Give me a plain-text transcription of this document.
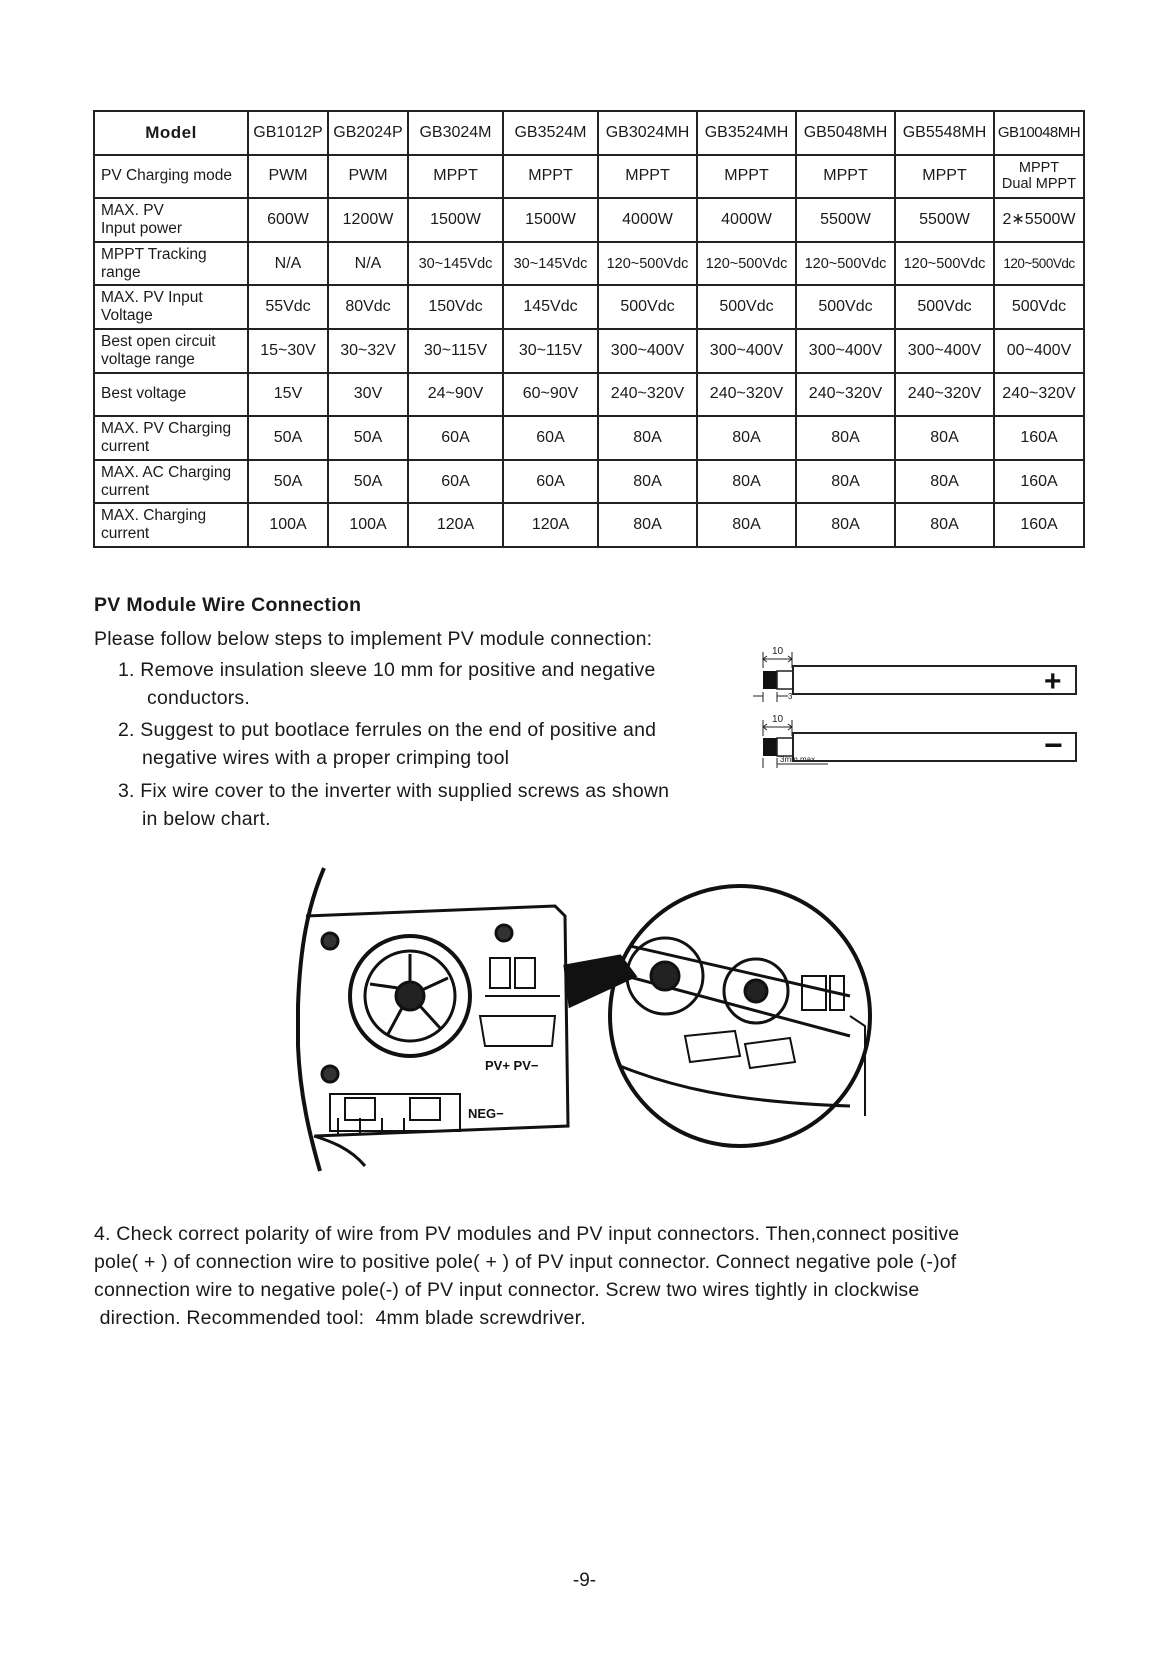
Model	GB1012P	GB2024P	GB3024M	GB3524M	GB3024MH	GB3524MH	GB5048MH	GB5548MH	GB10048MH

PV Charging mode	PWM	PWM	MPPT	MPPT	MPPT	MPPT	MPPT	MPPT	MPPT
Dual MPPT

MAX. PV
Input power	600W	1200W	1500W	1500W	4000W	4000W	5500W	5500W	2∗5500W

MPPT Tracking
range	N/A	N/A	30~145Vdc	30~145Vdc	120~500Vdc	120~500Vdc	120~500Vdc	120~500Vdc	120~500Vdc

MAX. PV Input
Voltage	55Vdc	80Vdc	150Vdc	145Vdc	500Vdc	500Vdc	500Vdc	500Vdc	500Vdc

Best open circuit
voltage range	15~30V	30~32V	30~115V	30~115V	300~400V	300~400V	300~400V	300~400V	00~400V

Best voltage	15V	30V	24~90V	60~90V	240~320V	240~320V	240~320V	240~320V	240~320V

MAX. PV Charging
current	50A	50A	60A	60A	80A	80A	80A	80A	160A

MAX. AC Charging
current	50A	50A	60A	60A	80A	80A	80A	80A	160A

MAX. Charging
current	100A	100A	120A	120A	80A	80A	80A	80A	160A
PV Module Wire Connection

Please follow below steps to implement PV module connection:

1. Remove insulation sleeve 10 mm for positive and negative

conductors.

2. Suggest to put bootlace ferrules on the end of positive and

negative wires with a proper crimping tool

3. Fix wire cover to the inverter with supplied screws as shown

in below chart.

10
3	+
10
3mm max	−
PV+ PV−
NEG−

4. Check correct polarity of wire from PV modules and PV input connectors. Then,connect positive
pole( + ) of connection wire to positive pole( + ) of PV input connector. Connect negative pole (-)of
connection wire to negative pole(-) of PV input connector. Screw two wires tightly in clockwise
direction. Recommended tool:  4mm blade screwdriver.

-9-
